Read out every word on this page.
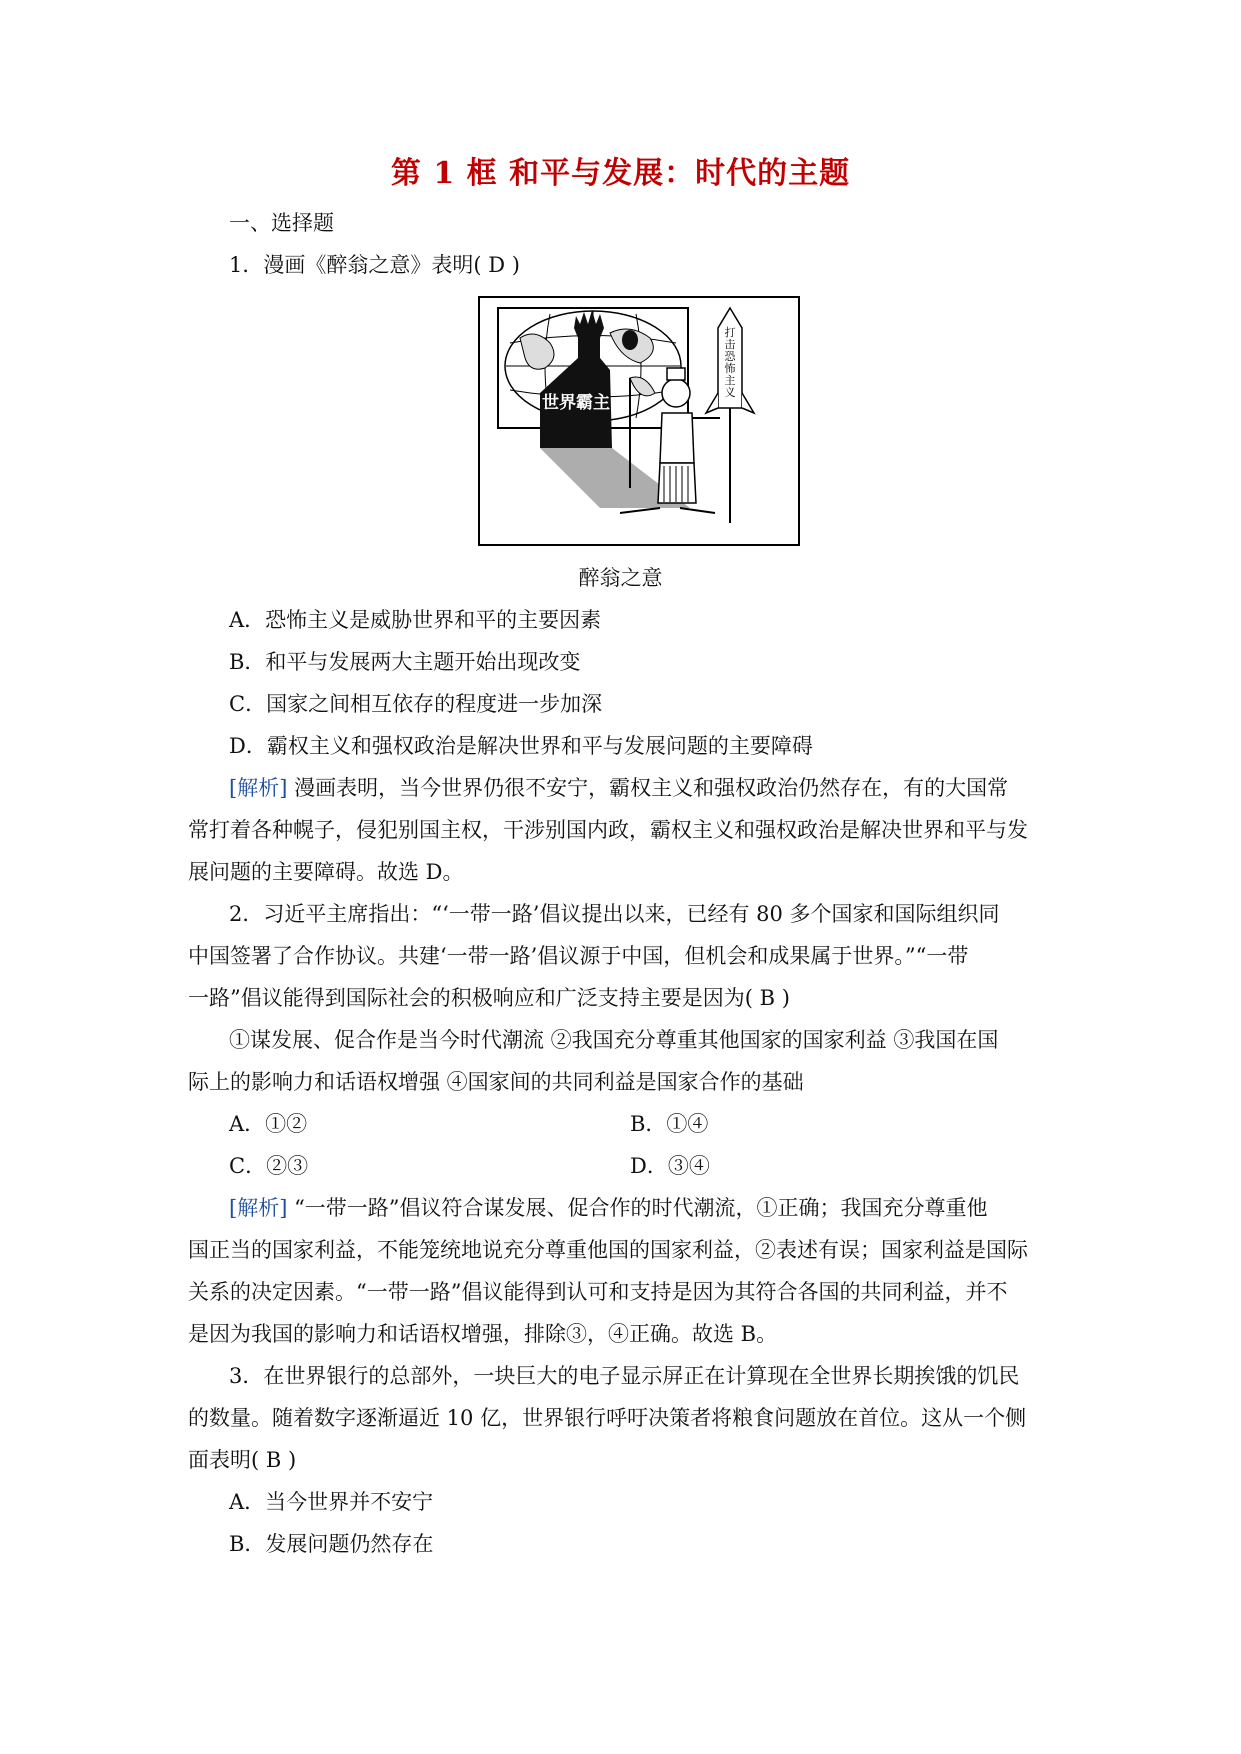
第 1 框 和平与发展：时代的主题
一、选择题
1．漫画《醉翁之意》表明( D )
世界霸主
打击恐怖主义
醉翁之意
A．恐怖主义是威胁世界和平的主要因素
B．和平与发展两大主题开始出现改变
C．国家之间相互依存的程度进一步加深
D．霸权主义和强权政治是解决世界和平与发展问题的主要障碍
[解析] 漫画表明，当今世界仍很不安宁，霸权主义和强权政治仍然存在，有的大国常
常打着各种幌子，侵犯别国主权，干涉别国内政，霸权主义和强权政治是解决世界和平与发
展问题的主要障碍。故选 D。
2．习近平主席指出：“‘一带一路’倡议提出以来，已经有 80 多个国家和国际组织同
中国签署了合作协议。共建‘一带一路’倡议源于中国，但机会和成果属于世界。”“一带
一路”倡议能得到国际社会的积极响应和广泛支持主要是因为( B )
①谋发展、促合作是当今时代潮流 ②我国充分尊重其他国家的国家利益 ③我国在国
际上的影响力和话语权增强 ④国家间的共同利益是国家合作的基础
A．①②	B．①④
C．②③	D．③④
[解析] “一带一路”倡议符合谋发展、促合作的时代潮流，①正确；我国充分尊重他
国正当的国家利益，不能笼统地说充分尊重他国的国家利益，②表述有误；国家利益是国际
关系的决定因素。“一带一路”倡议能得到认可和支持是因为其符合各国的共同利益，并不
是因为我国的影响力和话语权增强，排除③，④正确。故选 B。
3．在世界银行的总部外，一块巨大的电子显示屏正在计算现在全世界长期挨饿的饥民
的数量。随着数字逐渐逼近 10 亿，世界银行呼吁决策者将粮食问题放在首位。这从一个侧
面表明( B )
A．当今世界并不安宁
B．发展问题仍然存在
